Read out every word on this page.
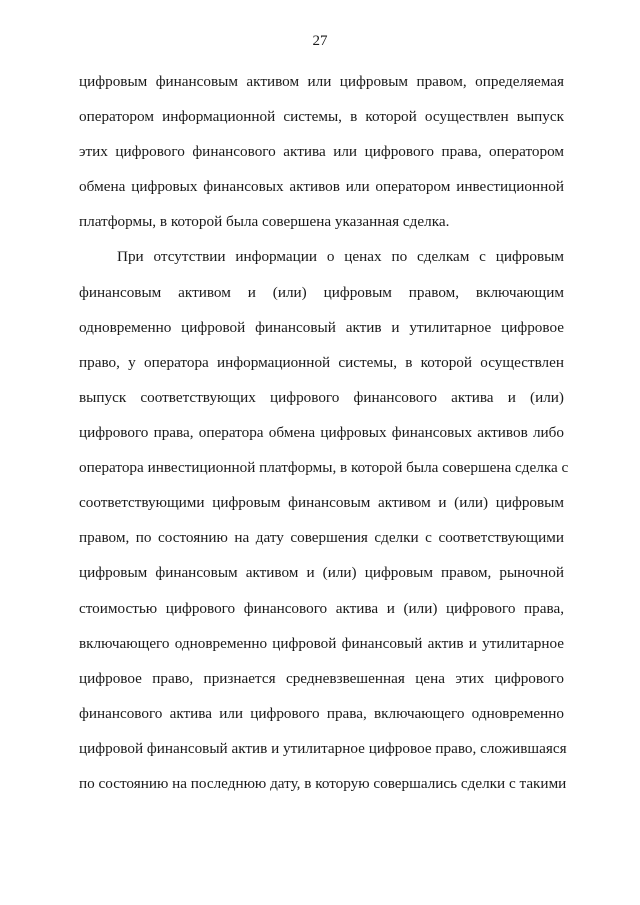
27
цифровым финансовым активом или цифровым правом, определяемая
оператором информационной системы, в которой осуществлен выпуск
этих цифрового финансового актива или цифрового права, оператором
обмена цифровых финансовых активов или оператором инвестиционной
платформы, в которой была совершена указанная сделка.
При отсутствии информации о ценах по сделкам с цифровым
финансовым активом и (или) цифровым правом, включающим
одновременно цифровой финансовый актив и утилитарное цифровое
право, у оператора информационной системы, в которой осуществлен
выпуск соответствующих цифрового финансового актива и (или)
цифрового права, оператора обмена цифровых финансовых активов либо
оператора инвестиционной платформы, в которой была совершена сделка с
соответствующими цифровым финансовым активом и (или) цифровым
правом, по состоянию на дату совершения сделки с соответствующими
цифровым финансовым активом и (или) цифровым правом, рыночной
стоимостью цифрового финансового актива и (или) цифрового права,
включающего одновременно цифровой финансовый актив и утилитарное
цифровое право, признается средневзвешенная цена этих цифрового
финансового актива или цифрового права, включающего одновременно
цифровой финансовый актив и утилитарное цифровое право, сложившаяся
по состоянию на последнюю дату, в которую совершались сделки с такими
